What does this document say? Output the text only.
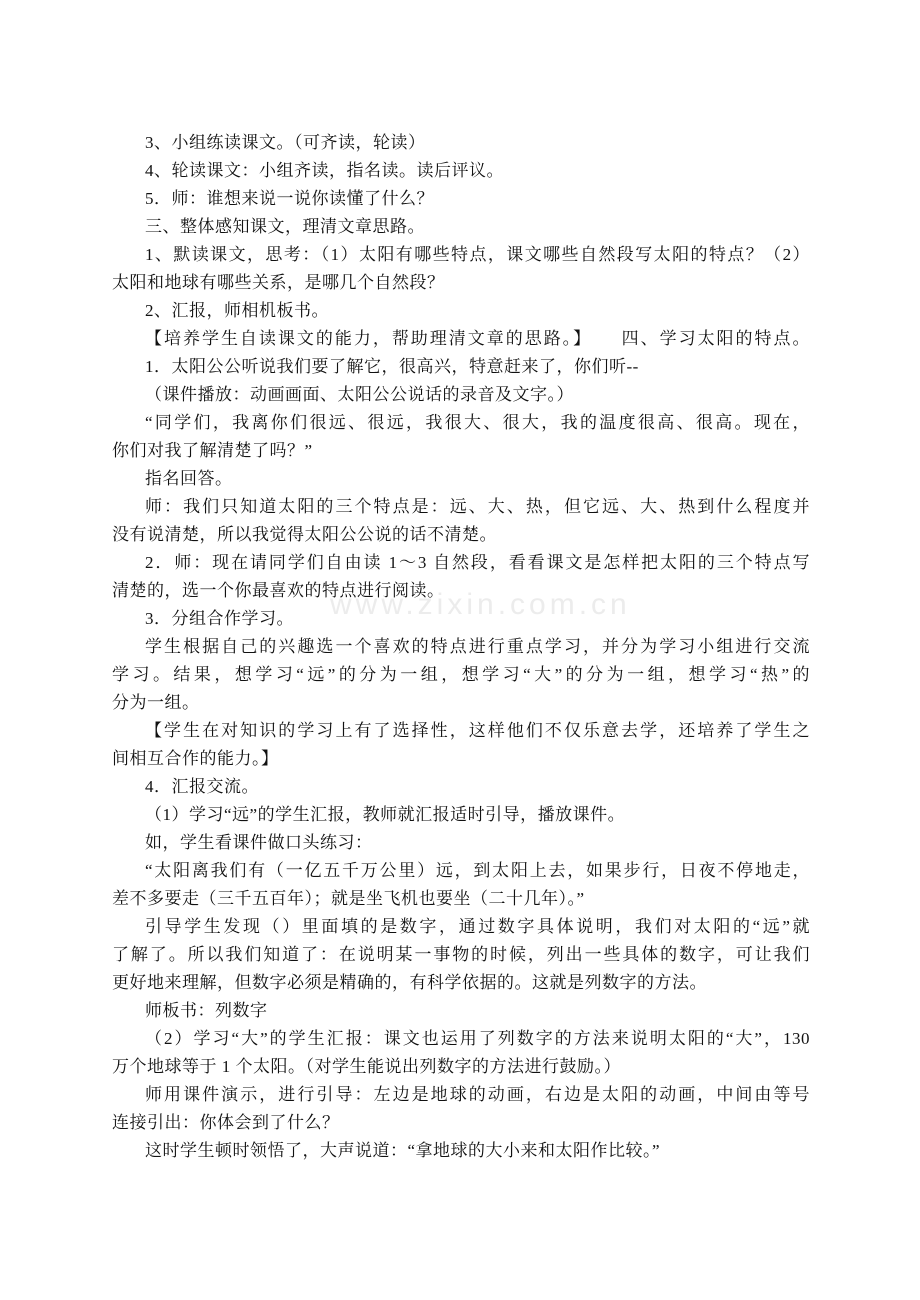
www.zixin.com.cn
3、小组练读课文。（可齐读，轮读）
4、轮读课文：小组齐读，指名读。读后评议。
5．师：谁想来说一说你读懂了什么？
三、整体感知课文，理清文章思路。
1、默读课文，思考：（1）太阳有哪些特点，课文哪些自然段写太阳的特点？（2）
太阳和地球有哪些关系，是哪几个自然段？
2、汇报，师相机板书。
【培养学生自读课文的能力，帮助理清文章的思路。】　　四、学习太阳的特点。
1．太阳公公听说我们要了解它，很高兴，特意赶来了，你们听--
（课件播放：动画画面、太阳公公说话的录音及文字。）
“同学们，我离你们很远、很远，我很大、很大，我的温度很高、很高。现在，
你们对我了解清楚了吗？”
指名回答。
师：我们只知道太阳的三个特点是：远、大、热，但它远、大、热到什么程度并
没有说清楚，所以我觉得太阳公公说的话不清楚。
2．师：现在请同学们自由读 1～3 自然段，看看课文是怎样把太阳的三个特点写
清楚的，选一个你最喜欢的特点进行阅读。
3．分组合作学习。
学生根据自己的兴趣选一个喜欢的特点进行重点学习，并分为学习小组进行交流
学习。结果，想学习“远”的分为一组，想学习“大”的分为一组，想学习“热”的
分为一组。
【学生在对知识的学习上有了选择性，这样他们不仅乐意去学，还培养了学生之
间相互合作的能力。】
4．汇报交流。
（1）学习“远”的学生汇报，教师就汇报适时引导，播放课件。
如，学生看课件做口头练习：
“太阳离我们有（一亿五千万公里）远，到太阳上去，如果步行，日夜不停地走，
差不多要走（三千五百年）；就是坐飞机也要坐（二十几年）。”
引导学生发现（）里面填的是数字，通过数字具体说明，我们对太阳的“远”就
了解了。所以我们知道了：在说明某一事物的时候，列出一些具体的数字，可让我们
更好地来理解，但数字必须是精确的，有科学依据的。这就是列数字的方法。
师板书：列数字
（2）学习“大”的学生汇报：课文也运用了列数字的方法来说明太阳的“大”，130
万个地球等于 1 个太阳。（对学生能说出列数字的方法进行鼓励。）
师用课件演示，进行引导：左边是地球的动画，右边是太阳的动画，中间由等号
连接引出：你体会到了什么？
这时学生顿时领悟了，大声说道：“拿地球的大小来和太阳作比较。”
